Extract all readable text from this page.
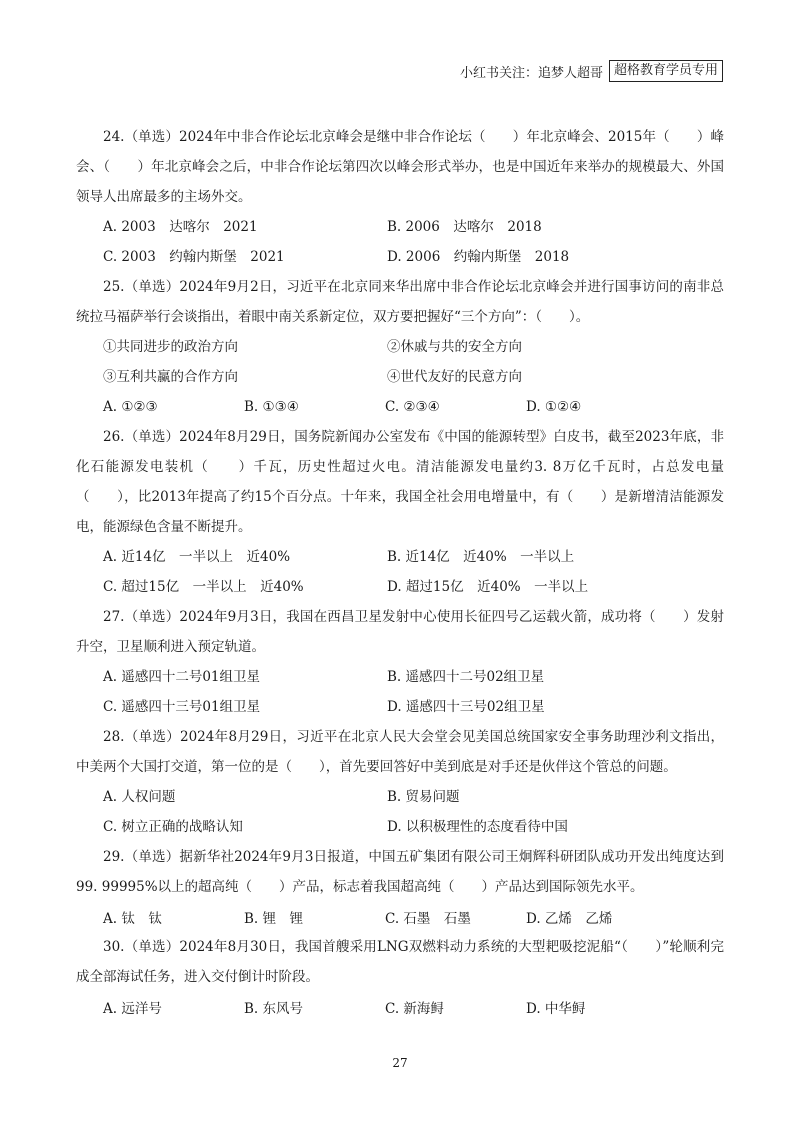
小红书关注：追梦人超哥 超格教育学员专用

24.（单选）2024年中非合作论坛北京峰会是继中非合作论坛（　　）年北京峰会、2015年（　　）峰会、（　　）年北京峰会之后，中非合作论坛第四次以峰会形式举办，也是中国近年来举办的规模最大、外国领导人出席最多的主场外交。

A. 2003　达喀尔　2021	B. 2006　达喀尔　2018
C. 2003　约翰内斯堡　2021	D. 2006　约翰内斯堡　2018

25.（单选）2024年9月2日，习近平在北京同来华出席中非合作论坛北京峰会并进行国事访问的南非总统拉马福萨举行会谈指出，着眼中南关系新定位，双方要把握好“三个方向”：（　　）。

①共同进步的政治方向	②休戚与共的安全方向
③互利共赢的合作方向	④世代友好的民意方向
A. ①②③	B. ①③④	C. ②③④	D. ①②④

26.（单选）2024年8月29日，国务院新闻办公室发布《中国的能源转型》白皮书，截至2023年底，非化石能源发电装机（　　）千瓦，历史性超过火电。清洁能源发电量约3. 8万亿千瓦时，占总发电量（　　），比2013年提高了约15个百分点。十年来，我国全社会用电增量中，有（　　）是新增清洁能源发电，能源绿色含量不断提升。

A. 近14亿　一半以上　近40%	B. 近14亿　近40%　一半以上
C. 超过15亿　一半以上　近40%	D. 超过15亿　近40%　一半以上

27.（单选）2024年9月3日，我国在西昌卫星发射中心使用长征四号乙运载火箭，成功将（　　）发射升空，卫星顺利进入预定轨道。

A. 遥感四十二号01组卫星	B. 遥感四十二号02组卫星
C. 遥感四十三号01组卫星	D. 遥感四十三号02组卫星

28.（单选）2024年8月29日，习近平在北京人民大会堂会见美国总统国家安全事务助理沙利文指出，中美两个大国打交道，第一位的是（　　），首先要回答好中美到底是对手还是伙伴这个管总的问题。

A. 人权问题	B. 贸易问题
C. 树立正确的战略认知	D. 以积极理性的态度看待中国

29.（单选）据新华社2024年9月3日报道，中国五矿集团有限公司王炯辉科研团队成功开发出纯度达到99. 99995%以上的超高纯（　　）产品，标志着我国超高纯（　　）产品达到国际领先水平。

A. 钛　钛	B. 锂　锂	C. 石墨　石墨	D. 乙烯　乙烯

30.（单选）2024年8月30日，我国首艘采用LNG双燃料动力系统的大型耙吸挖泥船“（　　）”轮顺利完成全部海试任务，进入交付倒计时阶段。

A. 远洋号	B. 东风号	C. 新海鲟	D. 中华鲟
27
